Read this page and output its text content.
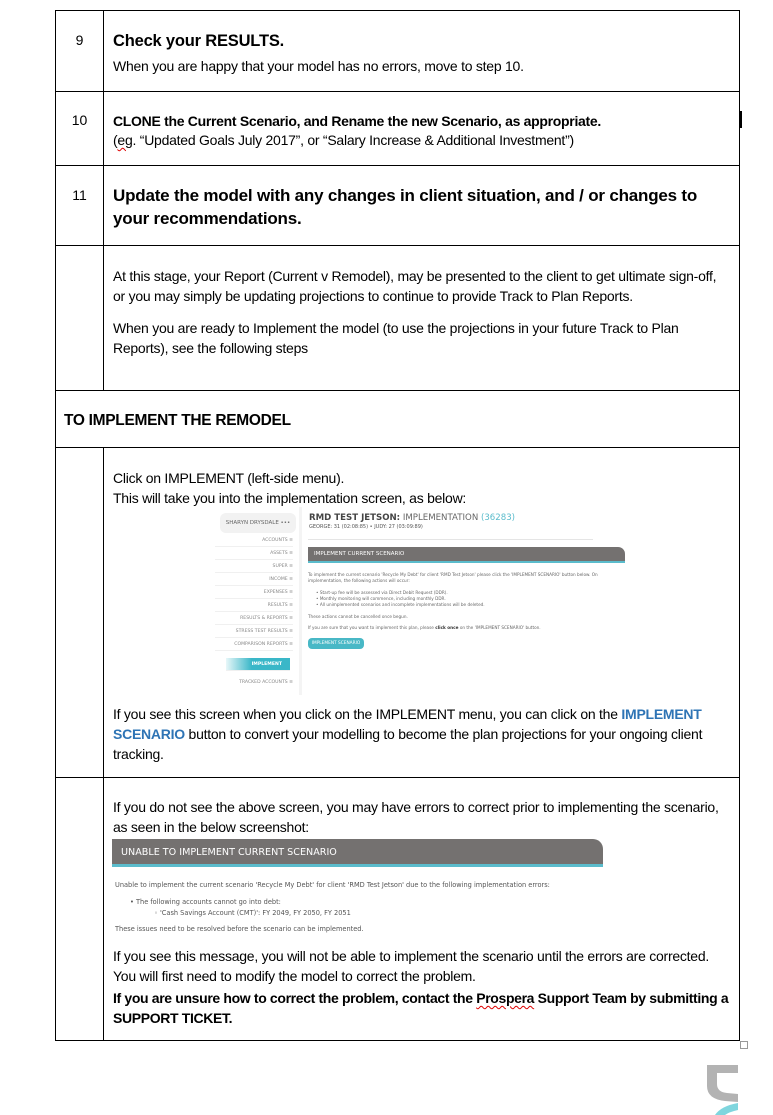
9	Check your RESULTS.
When you are happy that your model has no errors, move to step 10.
10	CLONE the Current Scenario, and Rename the new Scenario, as appropriate.
(eg. “Updated Goals July 2017”, or “Salary Increase & Additional Investment”)
11	Update the model with any changes in client situation, and / or changes to your recommendations.
At this stage, your Report (Current v Remodel), may be presented to the client to get ultimate sign-off, or you may simply be updating projections to continue to provide Track to Plan Reports.
When you are ready to Implement the model (to use the projections in your future Track to Plan Reports), see the following steps
TO IMPLEMENT THE REMODEL
Click on IMPLEMENT (left-side menu).
This will take you into the implementation screen, as below:
If you see this screen when you click on the IMPLEMENT menu, you can click on the IMPLEMENT SCENARIO button to convert your modelling to become the plan projections for your ongoing client tracking.
SHARYN DRYSDALE •••
ACCOUNTS ≡
ASSETS ≡
SUPER ≡
INCOME ≡
EXPENSES ≡
RESULTS ≡
RESULTS & REPORTS ≡
STRESS TEST RESULTS ≡
COMPARISON REPORTS ≡
IMPLEMENT
TRACKED ACCOUNTS ≡
RMD TEST JETSON: IMPLEMENTATION (36283)
GEORGE: 31 (02:08:85) • JUDY: 27 (03:09:89)
IMPLEMENT CURRENT SCENARIO
To implement the current scenario 'Recycle My Debt' for client 'RMD Test Jetson' please click the 'IMPLEMENT SCENARIO' button below. On implementation, the following actions will occur:
• Start-up fee will be assessed via Direct Debit Request (DDR).
• Monthly monitoring will commence, including monthly DDR.
• All unimplemented scenarios and incomplete implementations will be deleted.
These actions cannot be cancelled once begun.
If you are sure that you want to implement this plan, please click once on the 'IMPLEMENT SCENARIO' button.
IMPLEMENT SCENARIO
If you do not see the above screen, you may have errors to correct prior to implementing the scenario, as seen in the below screenshot:
If you see this message, you will not be able to implement the scenario until the errors are corrected. You will first need to modify the model to correct the problem.
If you are unsure how to correct the problem, contact the Prospera Support Team by submitting a SUPPORT TICKET.
UNABLE TO IMPLEMENT CURRENT SCENARIO
Unable to implement the current scenario 'Recycle My Debt' for client 'RMD Test Jetson' due to the following implementation errors:
• The following accounts cannot go into debt:
◦ 'Cash Savings Account (CMT)': FY 2049, FY 2050, FY 2051
These issues need to be resolved before the scenario can be implemented.
